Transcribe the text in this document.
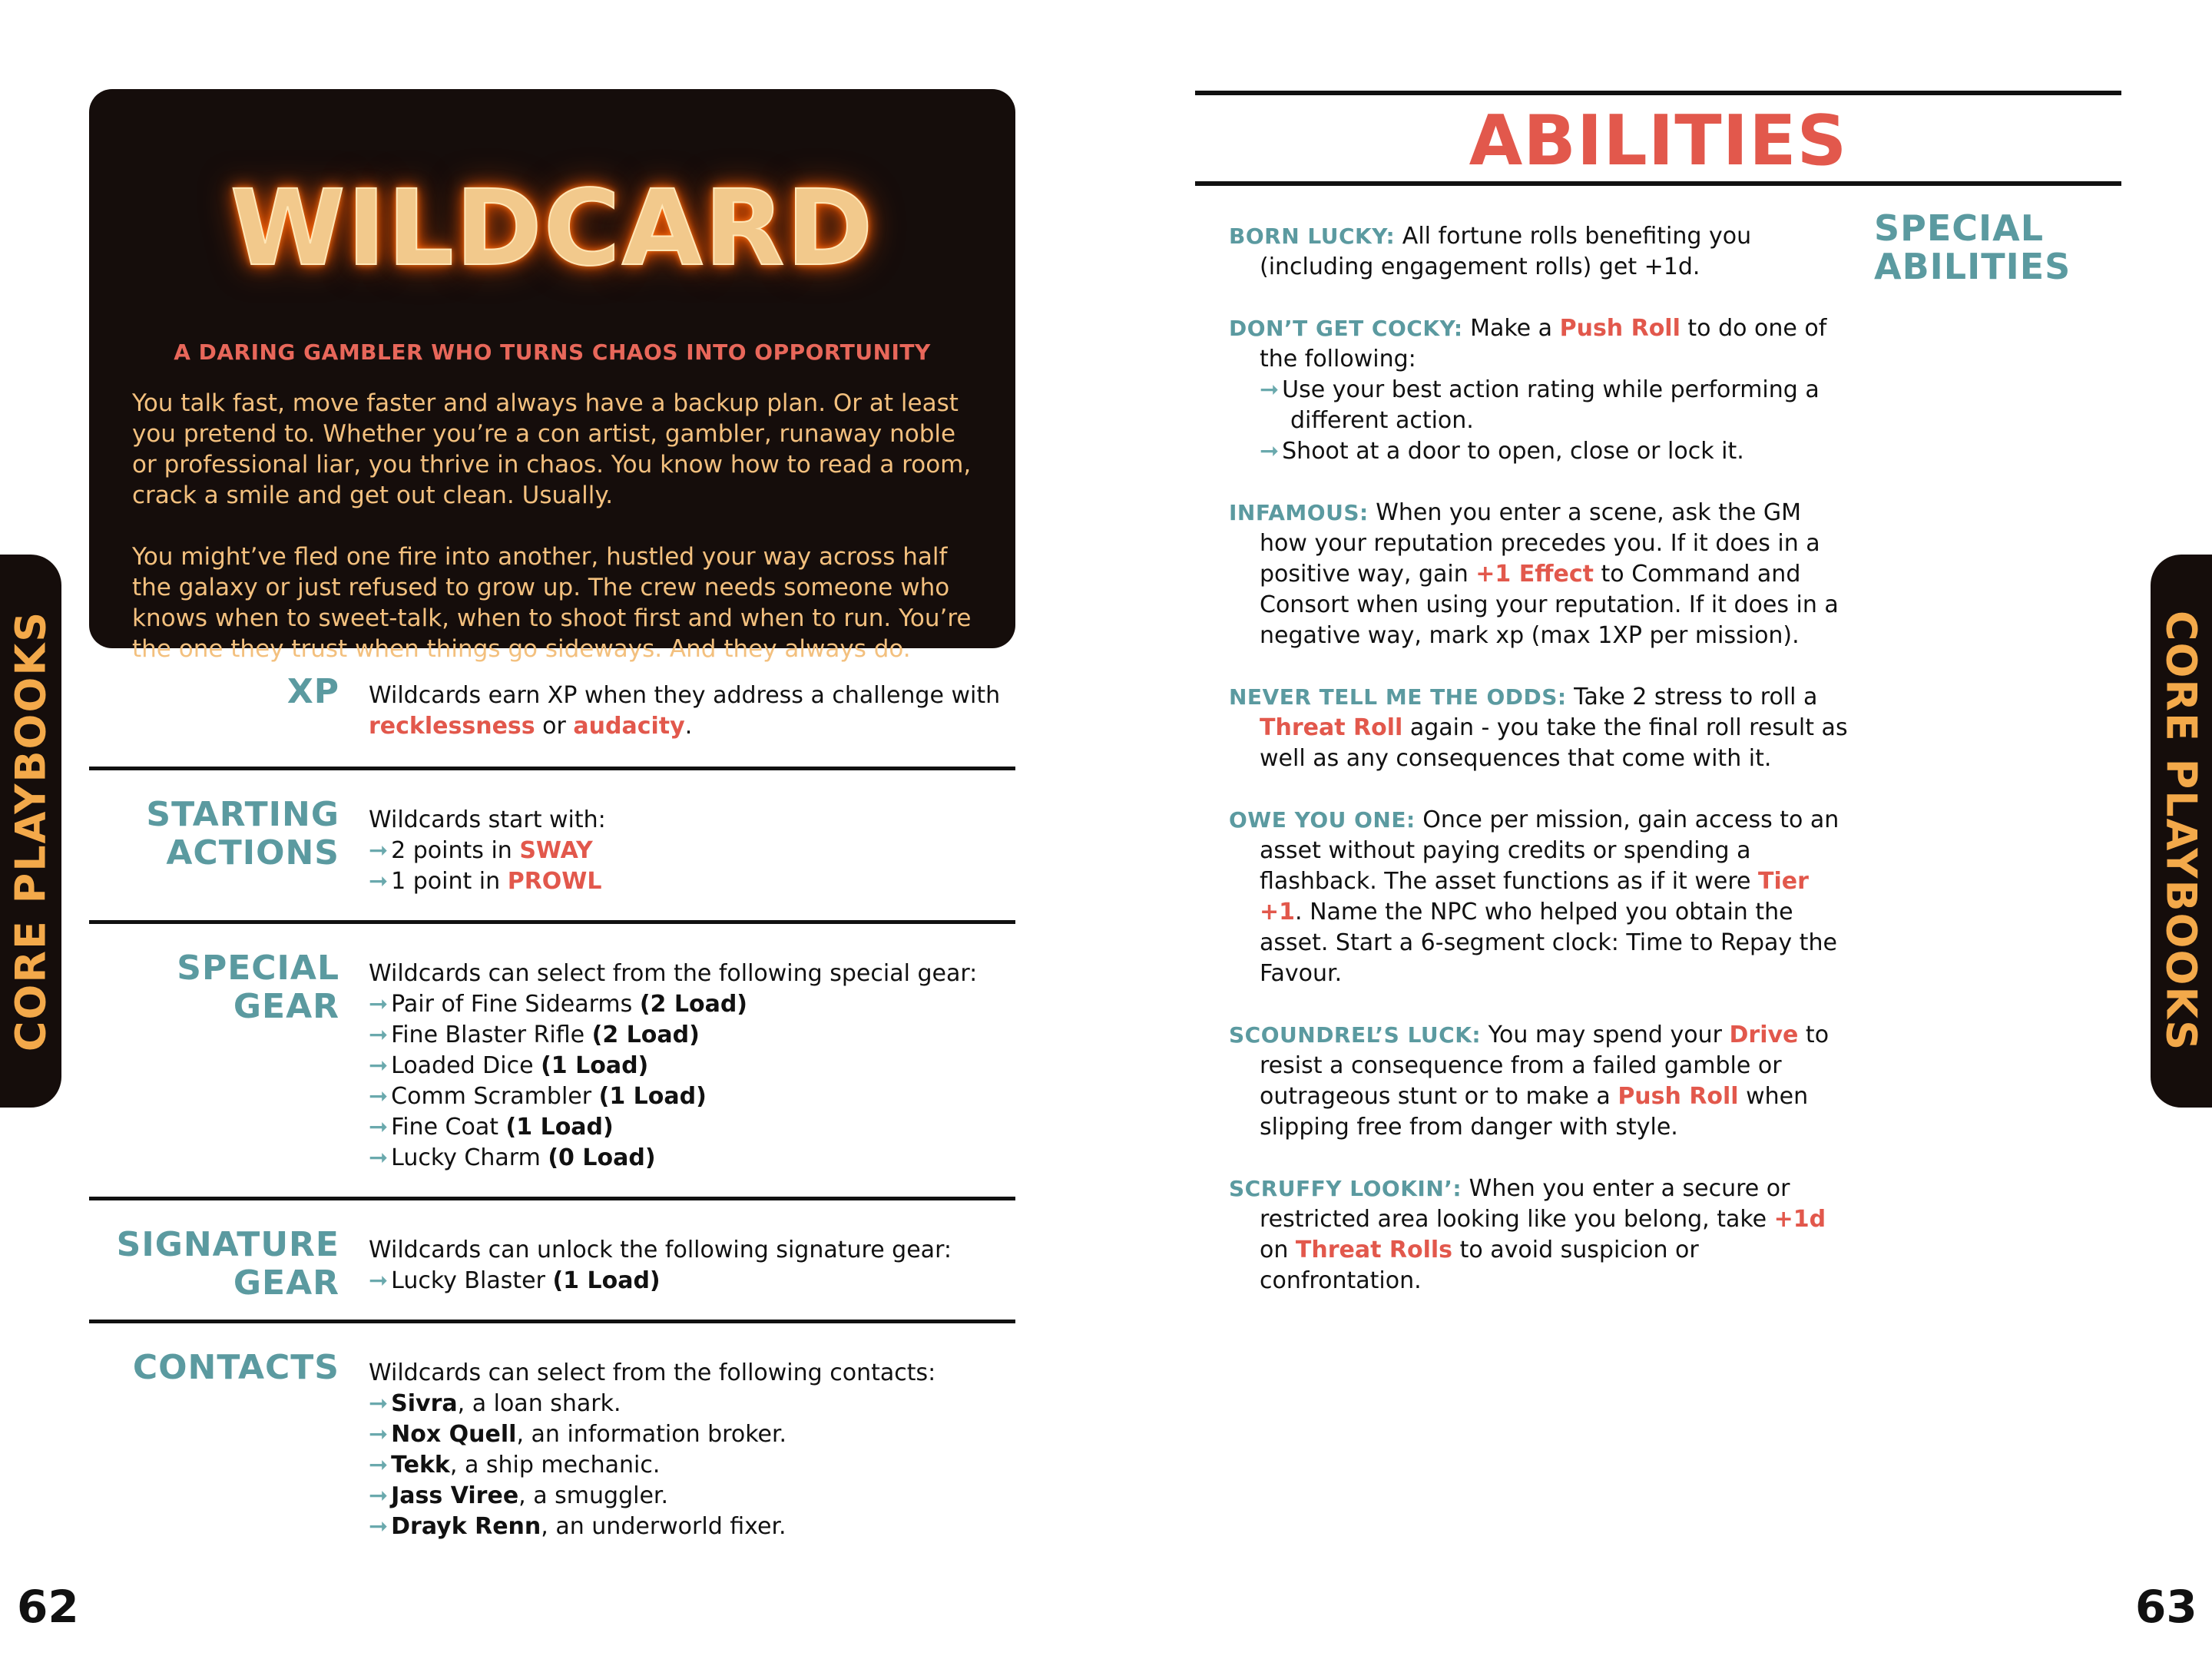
WILDCARD
A DARING GAMBLER WHO TURNS CHAOS INTO OPPORTUNITY

You talk fast, move faster and always have a backup plan. Or at least you pretend to. Whether you’re a con artist, gambler, runaway noble or professional liar, you thrive in chaos. You know how to read a room, crack a smile and get out clean. Usually.

You might’ve fled one fire into another, hustled your way across half the galaxy or just refused to grow up. The crew needs someone who knows when to sweet-talk, when to shoot first and when to run. You’re the one they trust when things go sideways. And they always do.

XP Wildcards earn XP when they address a challenge with recklessness or audacity.
STARTING
ACTIONS
Wildcards start with:
➞ 2 points in SWAY
➞ 1 point in PROWL
SPECIAL
GEAR
Wildcards can select from the following special gear:
➞ Pair of Fine Sidearms (2 Load)
➞ Fine Blaster Rifle (2 Load)
➞ Loaded Dice (1 Load)
➞ Comm Scrambler (1 Load)
➞ Fine Coat (1 Load)
➞ Lucky Charm (0 Load)
SIGNATURE
GEAR
Wildcards can unlock the following signature gear:
➞ Lucky Blaster (1 Load)
CONTACTS Wildcards can select from the following contacts:
➞ Sivra, a loan shark.
➞ Nox Quell, an information broker.
➞ Tekk, a ship mechanic.
➞ Jass Viree, a smuggler.
➞ Drayk Renn, an underworld fixer.
62
CORE PLAYBOOKS
ABILITIES
SPECIAL
ABILITIES

BORN LUCKY: All fortune rolls benefiting you (including engagement rolls) get +1d.

DON’T GET COCKY: Make a Push Roll to do one of the following:

➞ Use your best action rating while performing a different action.

➞ Shoot at a door to open, close or lock it.

INFAMOUS: When you enter a scene, ask the GM how your reputation precedes you. If it does in a positive way, gain +1 Effect to Command and Consort when using your reputation. If it does in a negative way, mark xp (max 1XP per mission).

NEVER TELL ME THE ODDS: Take 2 stress to roll a Threat Roll again - you take the final roll result as well as any consequences that come with it.

OWE YOU ONE: Once per mission, gain access to an asset without paying credits or spending a flashback. The asset functions as if it were Tier +1. Name the NPC who helped you obtain the asset. Start a 6-segment clock: Time to Repay the Favour.

SCOUNDREL’S LUCK: You may spend your Drive to resist a consequence from a failed gamble or outrageous stunt or to make a Push Roll when slipping free from danger with style.

SCRUFFY LOOKIN’: When you enter a secure or restricted area looking like you belong, take +1d on Threat Rolls to avoid suspicion or confrontation.

CORE PLAYBOOKS
63
